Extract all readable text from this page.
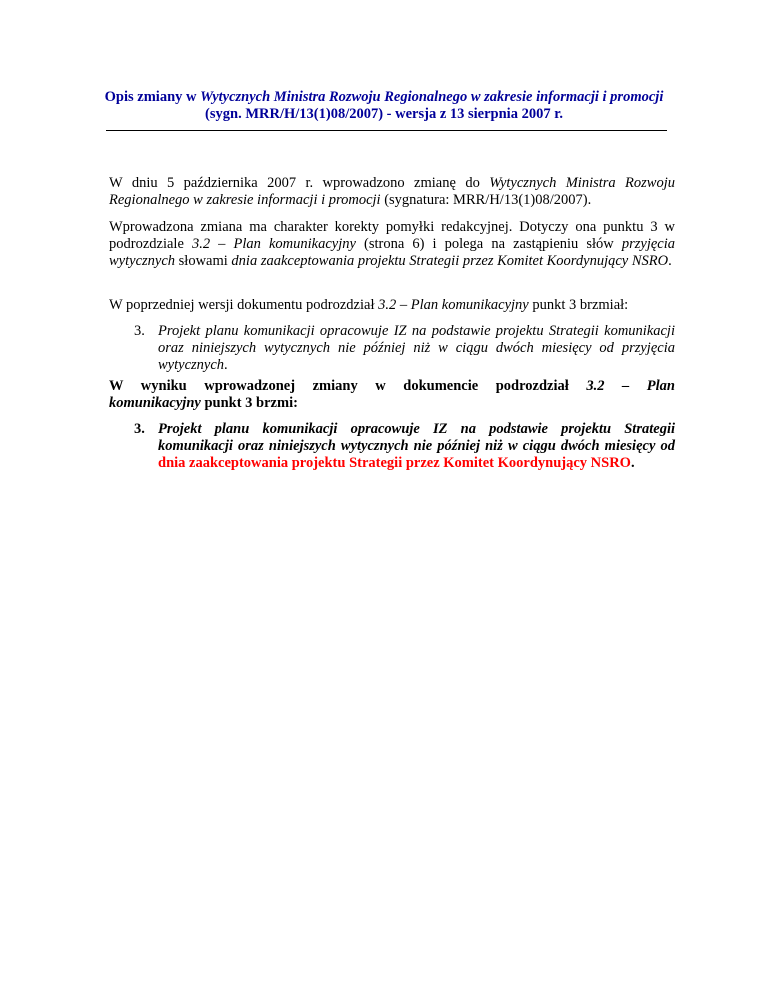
Opis zmiany w Wytycznych Ministra Rozwoju Regionalnego w zakresie informacji i promocji (sygn. MRR/H/13(1)08/2007) - wersja z 13 sierpnia 2007 r.
W dniu 5 października 2007 r. wprowadzono zmianę do Wytycznych Ministra Rozwoju Regionalnego w zakresie informacji i promocji (sygnatura: MRR/H/13(1)08/2007).
Wprowadzona zmiana ma charakter korekty pomyłki redakcyjnej. Dotyczy ona punktu 3 w podrozdziale 3.2 – Plan komunikacyjny (strona 6) i polega na zastąpieniu słów przyjęcia wytycznych słowami dnia zaakceptowania projektu Strategii przez Komitet Koordynujący NSRO.
W poprzedniej wersji dokumentu podrozdział 3.2 – Plan komunikacyjny punkt 3 brzmiał:
3. Projekt planu komunikacji opracowuje IZ na podstawie projektu Strategii komunikacji oraz niniejszych wytycznych nie później niż w ciągu dwóch miesięcy od przyjęcia wytycznych.
W wyniku wprowadzonej zmiany w dokumencie podrozdział 3.2 – Plan
komunikacyjny punkt 3 brzmi:
3. Projekt planu komunikacji opracowuje IZ na podstawie projektu Strategii komunikacji oraz niniejszych wytycznych nie później niż w ciągu dwóch miesięcy od dnia zaakceptowania projektu Strategii przez Komitet Koordynujący NSRO.
